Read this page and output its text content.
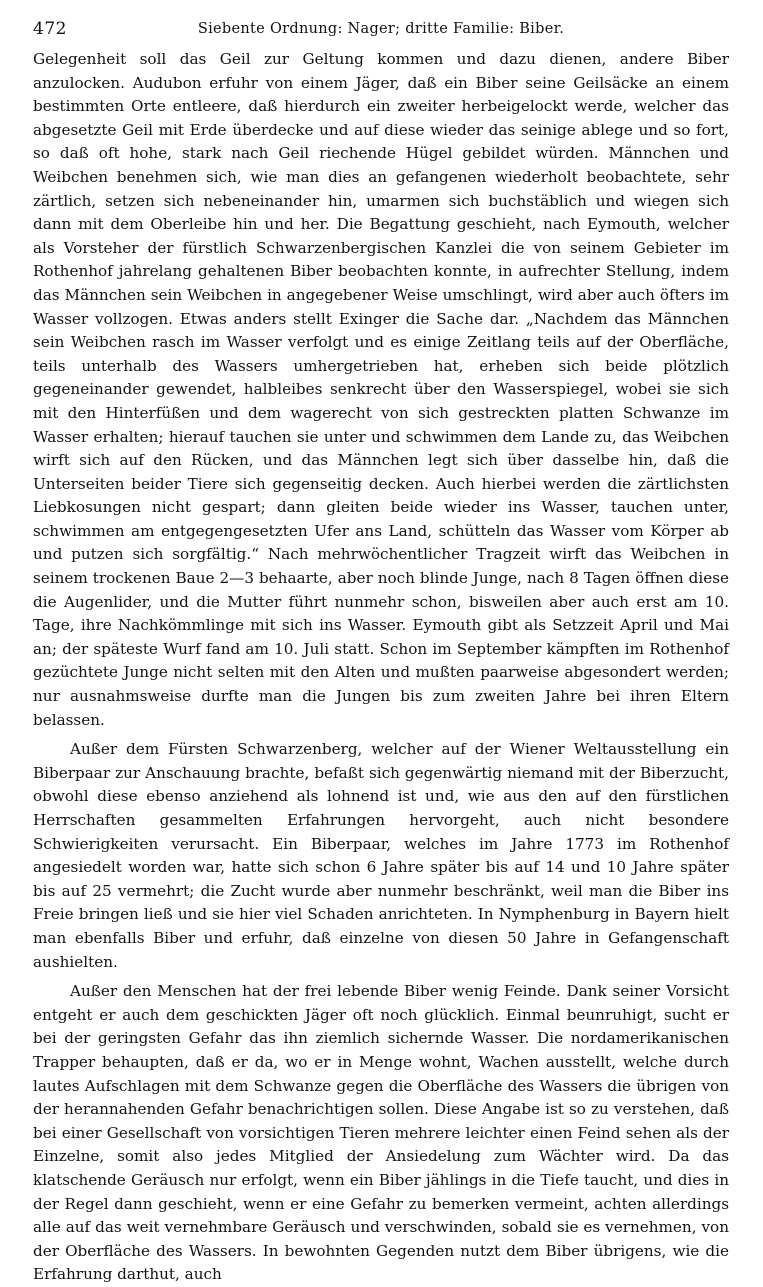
472	Siebente Ordnung: Nager; dritte Familie: Biber.

Gelegenheit soll das Geil zur Geltung kommen und dazu dienen, andere Biber anzulocken. Audubon erfuhr von einem Jäger, daß ein Biber seine Geilsäcke an einem bestimmten Orte entleere, daß hierdurch ein zweiter herbeigelockt werde, welcher das abgesetzte Geil mit Erde überdecke und auf diese wieder das seinige ablege und so fort, so daß oft hohe, stark nach Geil riechende Hügel gebildet würden. Männchen und Weibchen benehmen sich, wie man dies an gefangenen wiederholt beobachtete, sehr zärtlich, setzen sich nebeneinander hin, umarmen sich buchstäblich und wiegen sich dann mit dem Oberleibe hin und her. Die Begattung geschieht, nach Eymouth, welcher als Vorsteher der fürstlich Schwarzenbergischen Kanzlei die von seinem Gebieter im Rothenhof jahrelang gehaltenen Biber beobachten konnte, in aufrechter Stellung, indem das Männchen sein Weibchen in angegebener Weise umschlingt, wird aber auch öfters im Wasser vollzogen. Etwas anders stellt Exinger die Sache dar. „Nachdem das Männchen sein Weibchen rasch im Wasser verfolgt und es einige Zeitlang teils auf der Oberfläche, teils unterhalb des Wassers umhergetrieben hat, erheben sich beide plötzlich gegeneinander gewendet, halbleibes senkrecht über den Wasserspiegel, wobei sie sich mit den Hinterfüßen und dem wagerecht von sich gestreckten platten Schwanze im Wasser erhalten; hierauf tauchen sie unter und schwimmen dem Lande zu, das Weibchen wirft sich auf den Rücken, und das Männchen legt sich über dasselbe hin, daß die Unterseiten beider Tiere sich gegenseitig decken. Auch hierbei werden die zärtlichsten Liebkosungen nicht gespart; dann gleiten beide wieder ins Wasser, tauchen unter, schwimmen am entgegengesetzten Ufer ans Land, schütteln das Wasser vom Körper ab und putzen sich sorgfältig.“ Nach mehrwöchentlicher Tragzeit wirft das Weibchen in seinem trockenen Baue 2—3 behaarte, aber noch blinde Junge, nach 8 Tagen öffnen diese die Augenlider, und die Mutter führt nunmehr schon, bisweilen aber auch erst am 10. Tage, ihre Nachkömmlinge mit sich ins Wasser. Eymouth gibt als Setzzeit April und Mai an; der späteste Wurf fand am 10. Juli statt. Schon im September kämpften im Rothenhof gezüchtete Junge nicht selten mit den Alten und mußten paarweise abgesondert werden; nur ausnahmsweise durfte man die Jungen bis zum zweiten Jahre bei ihren Eltern belassen.

Außer dem Fürsten Schwarzenberg, welcher auf der Wiener Weltausstellung ein Biberpaar zur Anschauung brachte, befaßt sich gegenwärtig niemand mit der Biberzucht, obwohl diese ebenso anziehend als lohnend ist und, wie aus den auf den fürstlichen Herrschaften gesammelten Erfahrungen hervorgeht, auch nicht besondere Schwierigkeiten verursacht. Ein Biberpaar, welches im Jahre 1773 im Rothenhof angesiedelt worden war, hatte sich schon 6 Jahre später bis auf 14 und 10 Jahre später bis auf 25 vermehrt; die Zucht wurde aber nunmehr beschränkt, weil man die Biber ins Freie bringen ließ und sie hier viel Schaden anrichteten. In Nymphenburg in Bayern hielt man ebenfalls Biber und erfuhr, daß einzelne von diesen 50 Jahre in Gefangenschaft aushielten.

Außer den Menschen hat der frei lebende Biber wenig Feinde. Dank seiner Vorsicht entgeht er auch dem geschickten Jäger oft noch glücklich. Einmal beunruhigt, sucht er bei der geringsten Gefahr das ihn ziemlich sichernde Wasser. Die nordamerikanischen Trapper behaupten, daß er da, wo er in Menge wohnt, Wachen ausstellt, welche durch lautes Aufschlagen mit dem Schwanze gegen die Oberfläche des Wassers die übrigen von der herannahenden Gefahr benachrichtigen sollen. Diese Angabe ist so zu verstehen, daß bei einer Gesellschaft von vorsichtigen Tieren mehrere leichter einen Feind sehen als der Einzelne, somit also jedes Mitglied der Ansiedelung zum Wächter wird. Da das klatschende Geräusch nur erfolgt, wenn ein Biber jählings in die Tiefe taucht, und dies in der Regel dann geschieht, wenn er eine Gefahr zu bemerken vermeint, achten allerdings alle auf das weit vernehmbare Geräusch und verschwinden, sobald sie es vernehmen, von der Oberfläche des Wassers. In bewohnten Gegenden nutzt dem Biber übrigens, wie die Erfahrung darthut, auch
